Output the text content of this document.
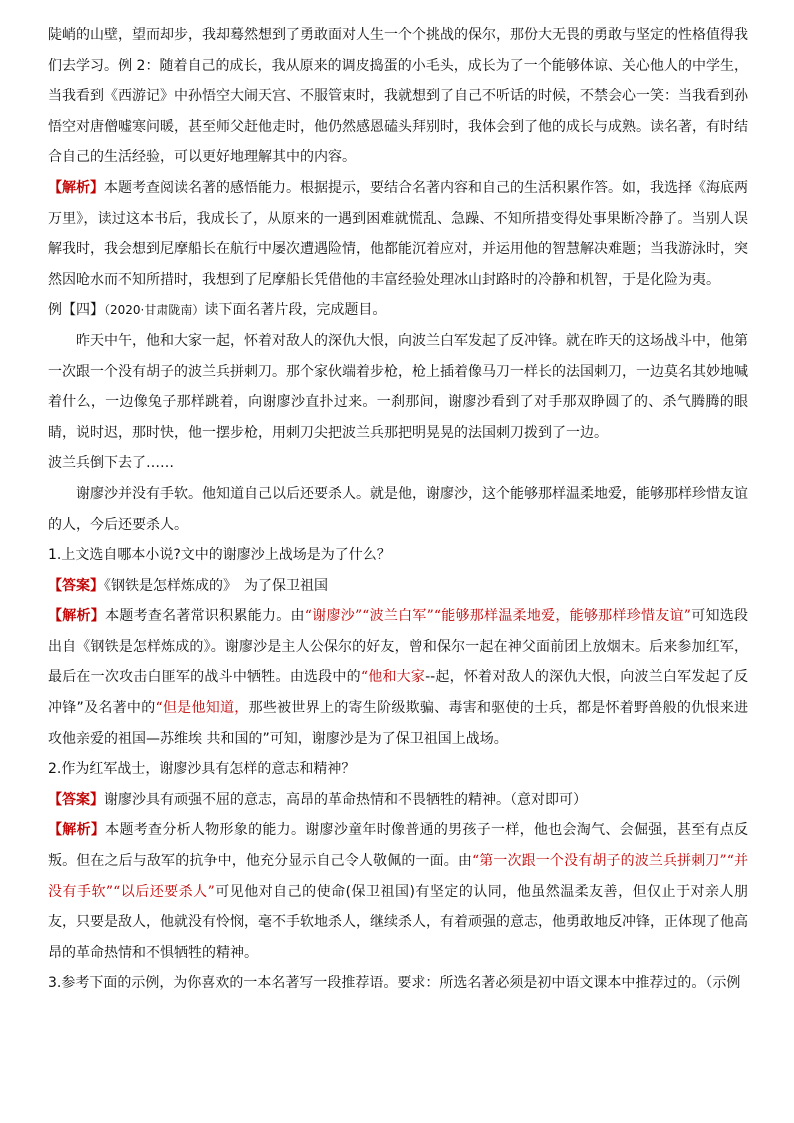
陡峭的山壁，望而却步，我却蓦然想到了勇敢面对人生一个个挑战的保尔，那份大无畏的勇敢与坚定的性格值得我们去学习。例 2：随着自己的成长，我从原来的调皮捣蛋的小毛头，成长为了一个能够体谅、关心他人的中学生，当我看到《西游记》中孙悟空大闹天宫、不服管束时，我就想到了自己不听话的时候，不禁会心一笑：当我看到孙悟空对唐僧嘘寒问暖，甚至师父赶他走时，他仍然感恩磕头拜别时，我体会到了他的成长与成熟。读名著，有时结合自己的生活经验，可以更好地理解其中的内容。

【解析】本题考查阅读名著的感悟能力。根据提示，要结合名著内容和自己的生活积累作答。如，我选择《海底两万里》，读过这本书后，我成长了，从原来的一遇到困难就慌乱、急躁、不知所措变得处事果断冷静了。当别人误解我时，我会想到尼摩船长在航行中屡次遭遇险情，他都能沉着应对，并运用他的智慧解决难题；当我游泳时，突然因呛水而不知所措时，我想到了尼摩船长凭借他的丰富经验处理冰山封路时的冷静和机智，于是化险为夷。

例【四】（2020·甘肃陇南）读下面名著片段，完成题目。

昨天中午，他和大家一起，怀着对敌人的深仇大恨，向波兰白军发起了反冲锋。就在昨天的这场战斗中，他第一次跟一个没有胡子的波兰兵拼刺刀。那个家伙端着步枪，枪上插着像马刀一样长的法国刺刀，一边莫名其妙地喊着什么，一边像兔子那样跳着，向谢廖沙直扑过来。一刹那间，谢廖沙看到了对手那双睁圆了的、杀气腾腾的眼睛，说时迟，那时快，他一摆步枪，用刺刀尖把波兰兵那把明晃晃的法国刺刀拨到了一边。

波兰兵倒下去了……

谢廖沙并没有手软。他知道自己以后还要杀人。就是他，谢廖沙，这个能够那样温柔地爱，能够那样珍惜友谊的人，今后还要杀人。

1.上文选自哪本小说?文中的谢廖沙上战场是为了什么？

【答案】《钢铁是怎样炼成的》　为了保卫祖国

【解析】本题考查名著常识积累能力。由“谢廖沙”“波兰白军”“能够那样温柔地爱，能够那样珍惜友谊”可知选段出自《钢铁是怎样炼成的》。谢廖沙是主人公保尔的好友，曾和保尔一起在神父面前团上放烟末。后来参加红军，最后在一次攻击白匪军的战斗中牺牲。由选段中的“他和大家--起，怀着对敌人的深仇大恨，向波兰白军发起了反冲锋”及名著中的“但是他知道，那些被世界上的寄生阶级欺骗、毒害和驱使的士兵，都是怀着野兽般的仇恨来进攻他亲爱的祖国—苏维埃 共和国的”可知，谢廖沙是为了保卫祖国上战场。

2.作为红军战士，谢廖沙具有怎样的意志和精神？

【答案】谢廖沙具有顽强不屈的意志，高昂的革命热情和不畏牺牲的精神。（意对即可）

【解析】本题考查分析人物形象的能力。谢廖沙童年时像普通的男孩子一样，他也会淘气、会倔强，甚至有点反叛。但在之后与敌军的抗争中，他充分显示自己令人敬佩的一面。由“第一次跟一个没有胡子的波兰兵拼刺刀”“并没有手软”“以后还要杀人”可见他对自己的使命(保卫祖国)有坚定的认同，他虽然温柔友善，但仅止于对亲人朋友，只要是敌人，他就没有怜悯，毫不手软地杀人，继续杀人，有着顽强的意志，他勇敢地反冲锋，正体现了他高昂的革命热情和不惧牺牲的精神。

3.参考下面的示例，为你喜欢的一本名著写一段推荐语。要求：所选名著必须是初中语文课本中推荐过的。（示例
